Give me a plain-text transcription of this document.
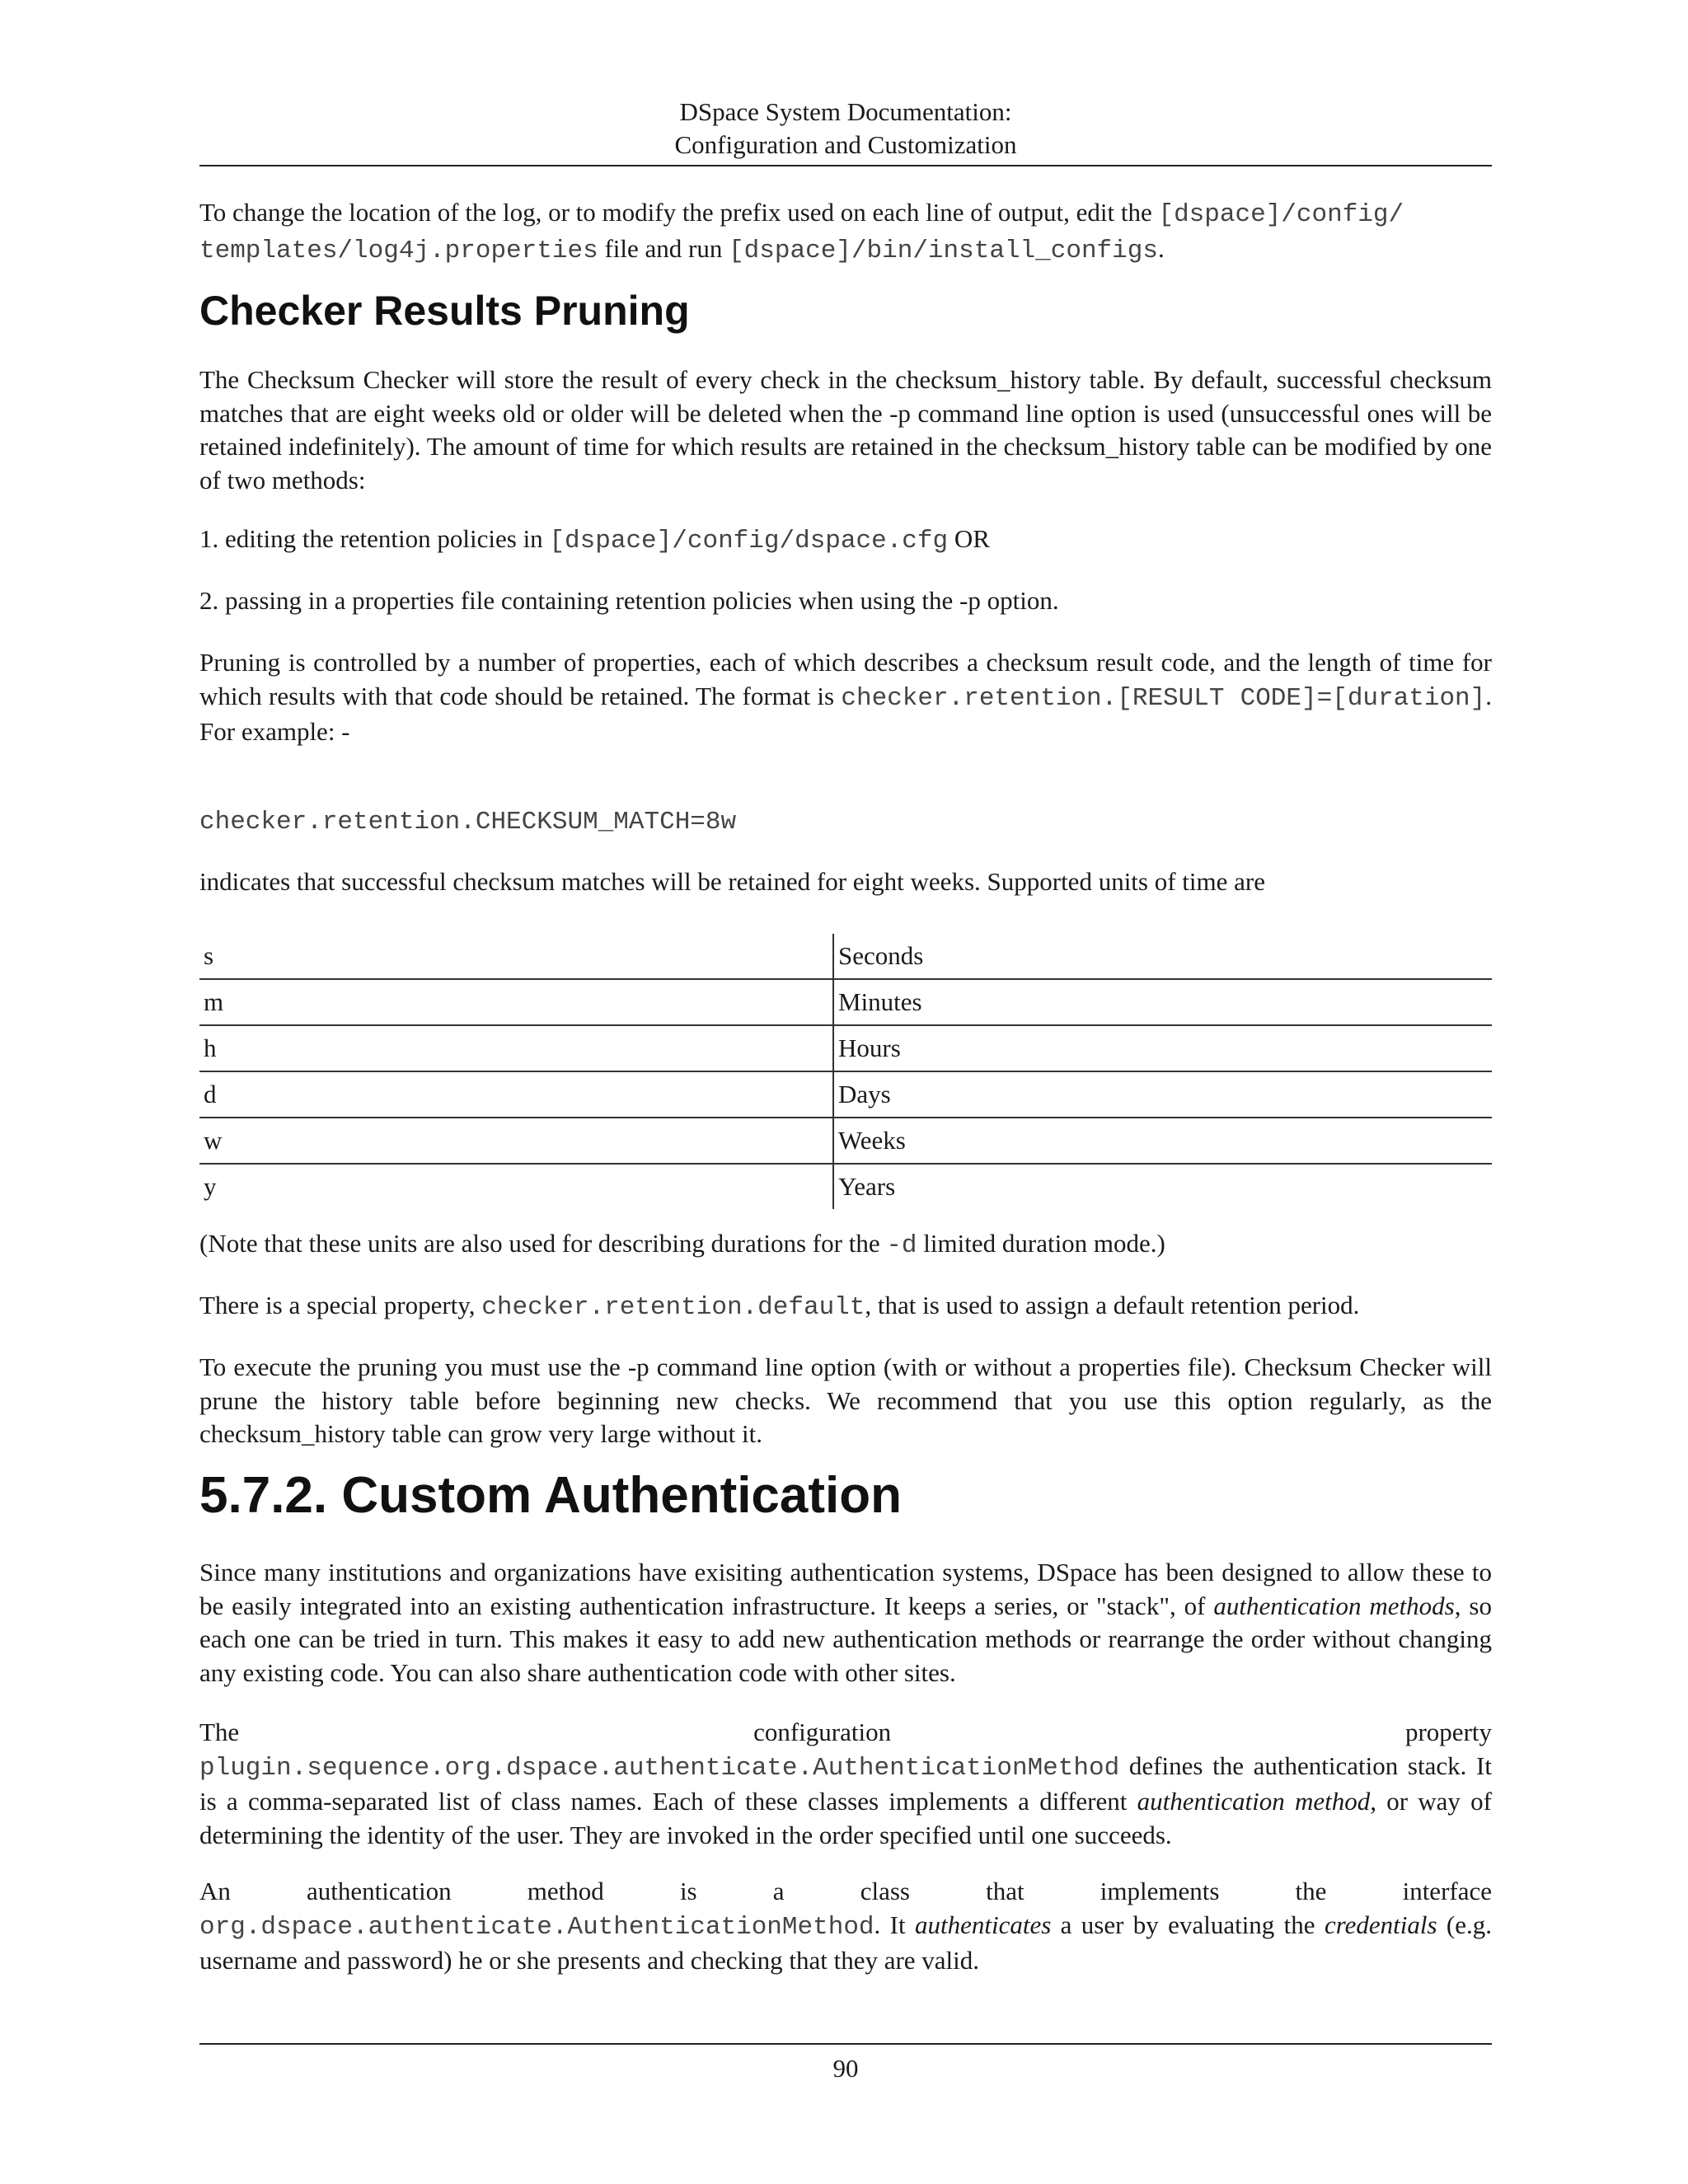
DSpace System Documentation:
Configuration and Customization
To change the location of the log, or to modify the prefix used on each line of output, edit the [dspace]/config/
templates/log4j.properties file and run [dspace]/bin/install_configs.
Checker Results Pruning
The Checksum Checker will store the result of every check in the checksum_history table. By default, successful checksum matches that are eight weeks old or older will be deleted when the -p command line option is used (unsuccessful ones will be retained indefinitely). The amount of time for which results are retained in the checksum_history table can be modified by one of two methods:
1. editing the retention policies in [dspace]/config/dspace.cfg OR
2. passing in a properties file containing retention policies when using the -p option.
Pruning is controlled by a number of properties, each of which describes a checksum result code, and the length of time for which results with that code should be retained. The format is checker.retention.[RESULT CODE]=[duration]. For example: -
checker.retention.CHECKSUM_MATCH=8w
indicates that successful checksum matches will be retained for eight weeks. Supported units of time are
s	Seconds
m	Minutes
h	Hours
d	Days
w	Weeks
y	Years
(Note that these units are also used for describing durations for the -d limited duration mode.)
There is a special property, checker.retention.default, that is used to assign a default retention period.
To execute the pruning you must use the -p command line option (with or without a properties file). Checksum Checker will prune the history table before beginning new checks. We recommend that you use this option regularly, as the checksum_history table can grow very large without it.
5.7.2. Custom Authentication
Since many institutions and organizations have exisiting authentication systems, DSpace has been designed to allow these to be easily integrated into an existing authentication infrastructure. It keeps a series, or "stack", of authentication methods, so each one can be tried in turn. This makes it easy to add new authentication methods or rearrange the order without changing any existing code. You can also share authentication code with other sites.
The configuration property
plugin.sequence.org.dspace.authenticate.AuthenticationMethod defines the authentication stack. It is a comma-separated list of class names. Each of these classes implements a different authentication method, or way of determining the identity of the user. They are invoked in the order specified until one succeeds.
An authentication method is a class that implements the interface
org.dspace.authenticate.AuthenticationMethod. It authenticates a user by evaluating the credentials (e.g. username and password) he or she presents and checking that they are valid.
90
